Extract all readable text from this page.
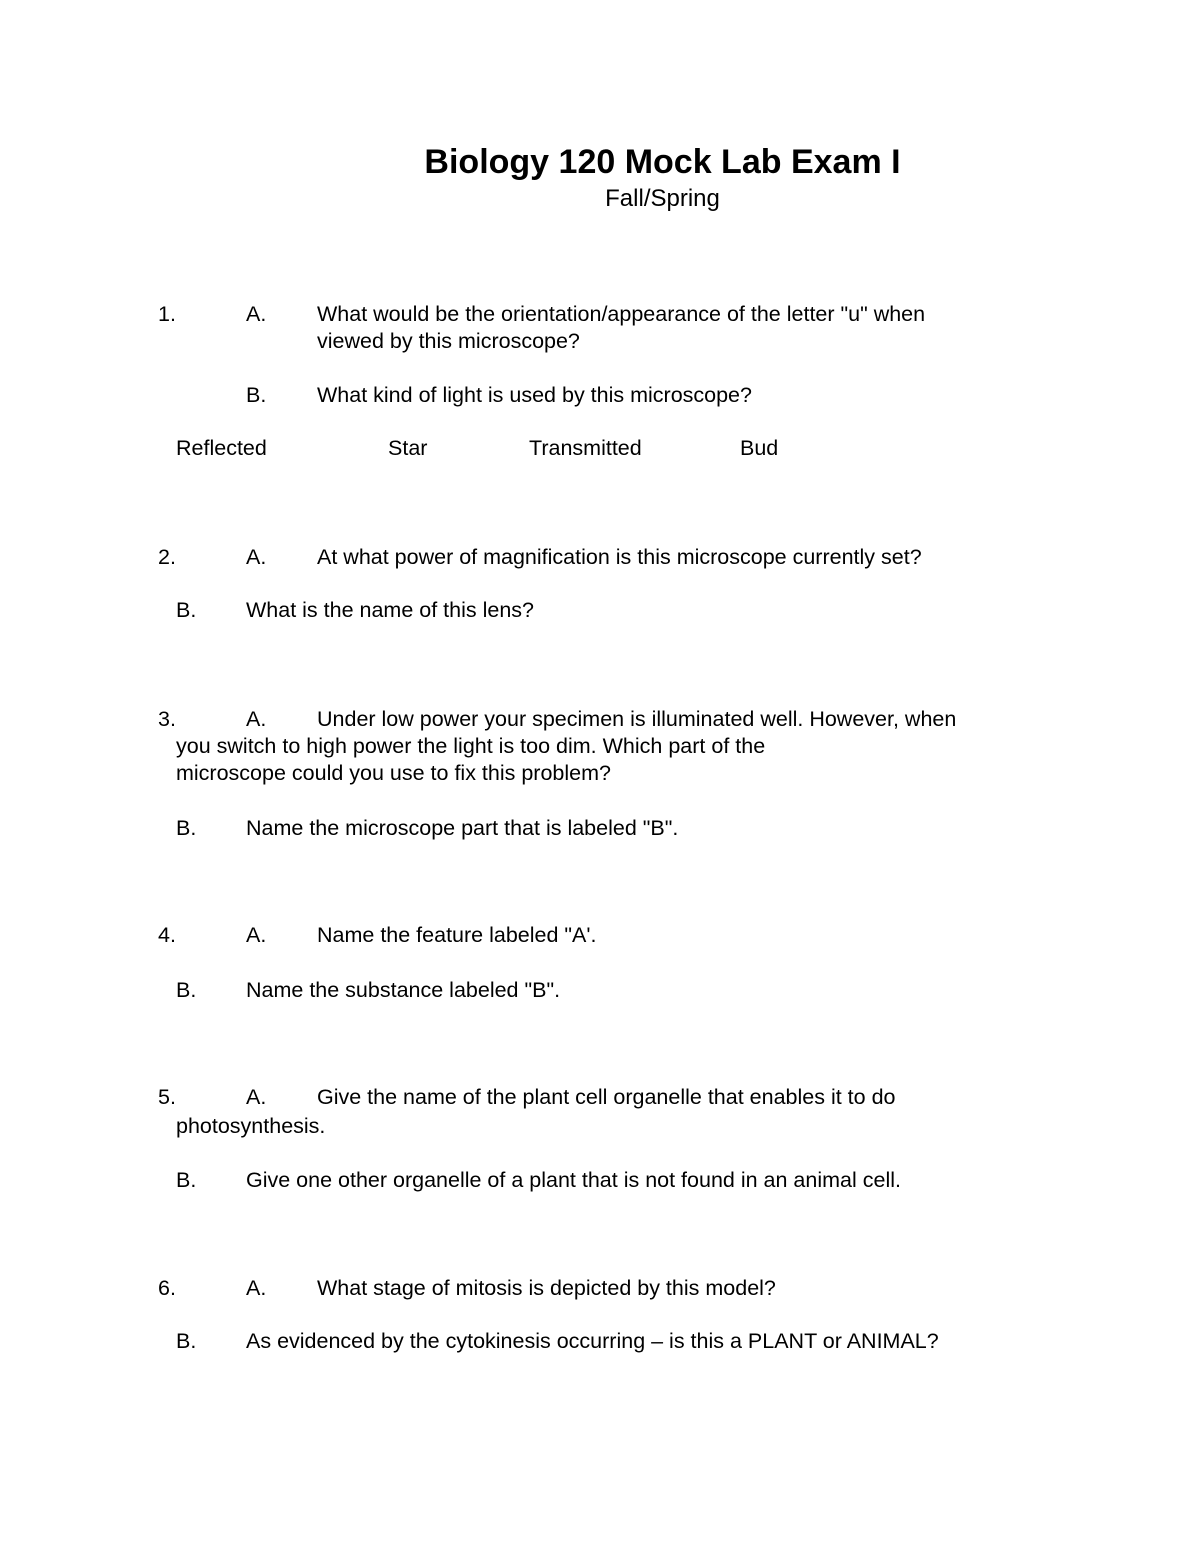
Biology 120 Mock Lab Exam I
Fall/Spring
1.	A. What would be the orientation/appearance of the letter "u" when
viewed by this microscope?
B. What kind of light is used by this microscope?
Reflected	Star	Transmitted	Bud
2.	A. At what power of magnification is this microscope currently set?
B. What is the name of this lens?
3.	A. Under low power your specimen is illuminated well. However, when
you switch to high power the light is too dim. Which part of the
microscope could you use to fix this problem?
B. Name the microscope part that is labeled "B".
4.	A. Name the feature labeled "A'.
B. Name the substance labeled "B".
5.	A. Give the name of the plant cell organelle that enables it to do
photosynthesis.
B. Give one other organelle of a plant that is not found in an animal cell.
6.	A. What stage of mitosis is depicted by this model?
B. As evidenced by the cytokinesis occurring – is this a PLANT or ANIMAL?
